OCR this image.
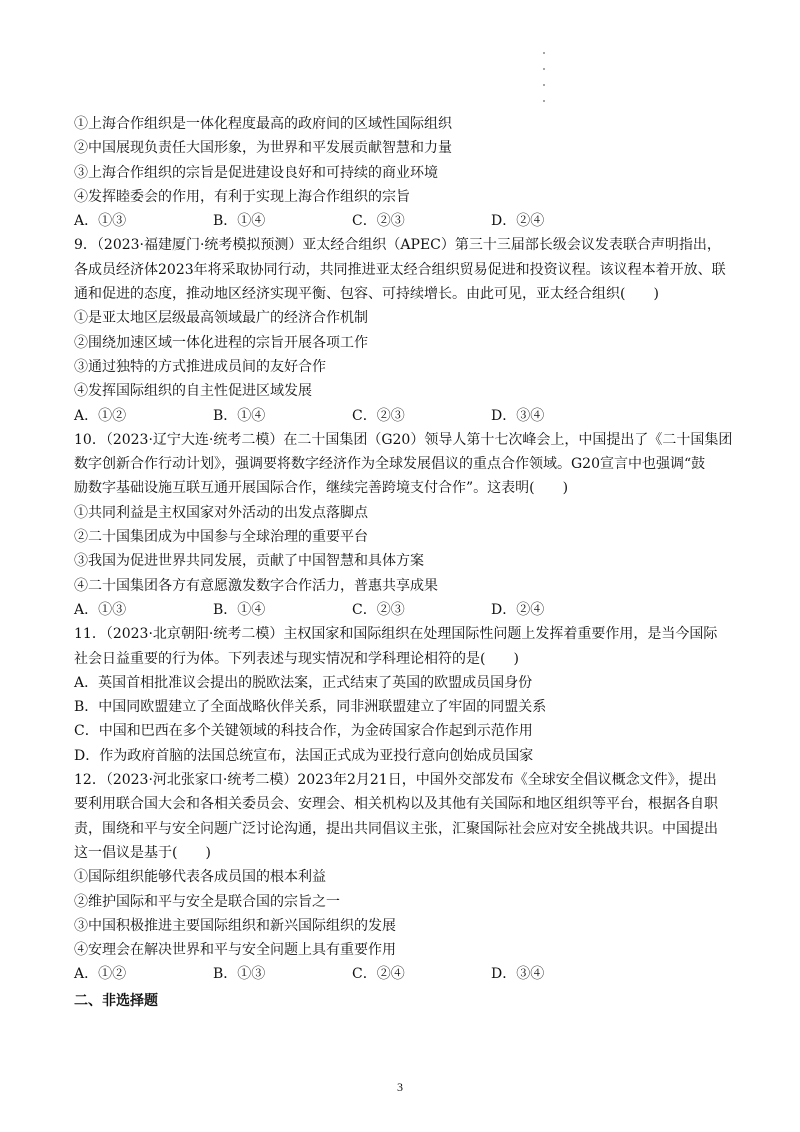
①上海合作组织是一体化程度最高的政府间的区域性国际组织
②中国展现负责任大国形象，为世界和平发展贡献智慧和力量
③上海合作组织的宗旨是促进建设良好和可持续的商业环境
④发挥睦委会的作用，有利于实现上海合作组织的宗旨
A．①③	B．①④	C．②③	D．②④
9．（2023·福建厦门·统考模拟预测）亚太经合组织（APEC）第三十三届部长级会议发表联合声明指出，
各成员经济体2023年将采取协同行动，共同推进亚太经合组织贸易促进和投资议程。该议程本着开放、联
通和促进的态度，推动地区经济实现平衡、包容、可持续增长。由此可见，亚太经合组织(　　)
①是亚太地区层级最高领域最广的经济合作机制
②围绕加速区域一体化进程的宗旨开展各项工作
③通过独特的方式推进成员间的友好合作
④发挥国际组织的自主性促进区域发展
A．①②	B．①④	C．②③	D．③④
10．（2023·辽宁大连·统考二模）在二十国集团（G20）领导人第十七次峰会上，中国提出了《二十国集团
数字创新合作行动计划》，强调要将数字经济作为全球发展倡议的重点合作领域。G20宣言中也强调“鼓
励数字基础设施互联互通开展国际合作，继续完善跨境支付合作”。这表明(　　)
①共同利益是主权国家对外活动的出发点落脚点
②二十国集团成为中国参与全球治理的重要平台
③我国为促进世界共同发展，贡献了中国智慧和具体方案
④二十国集团各方有意愿激发数字合作活力，普惠共享成果
A．①③	B．①④	C．②③	D．②④
11．（2023·北京朝阳·统考二模）主权国家和国际组织在处理国际性问题上发挥着重要作用，是当今国际
社会日益重要的行为体。下列表述与现实情况和学科理论相符的是(　　)
A．英国首相批准议会提出的脱欧法案，正式结束了英国的欧盟成员国身份
B．中国同欧盟建立了全面战略伙伴关系，同非洲联盟建立了牢固的同盟关系
C．中国和巴西在多个关键领域的科技合作，为金砖国家合作起到示范作用
D．作为政府首脑的法国总统宣布，法国正式成为亚投行意向创始成员国家
12．（2023·河北张家口·统考二模）2023年2月21日，中国外交部发布《全球安全倡议概念文件》，提出
要利用联合国大会和各相关委员会、安理会、相关机构以及其他有关国际和地区组织等平台，根据各自职
责，围绕和平与安全问题广泛讨论沟通，提出共同倡议主张，汇聚国际社会应对安全挑战共识。中国提出
这一倡议是基于(　　)
①国际组织能够代表各成员国的根本利益
②维护国际和平与安全是联合国的宗旨之一
③中国积极推进主要国际组织和新兴国际组织的发展
④安理会在解决世界和平与安全问题上具有重要作用
A．①②	B．①③	C．②④	D．③④
二、非选择题
3
